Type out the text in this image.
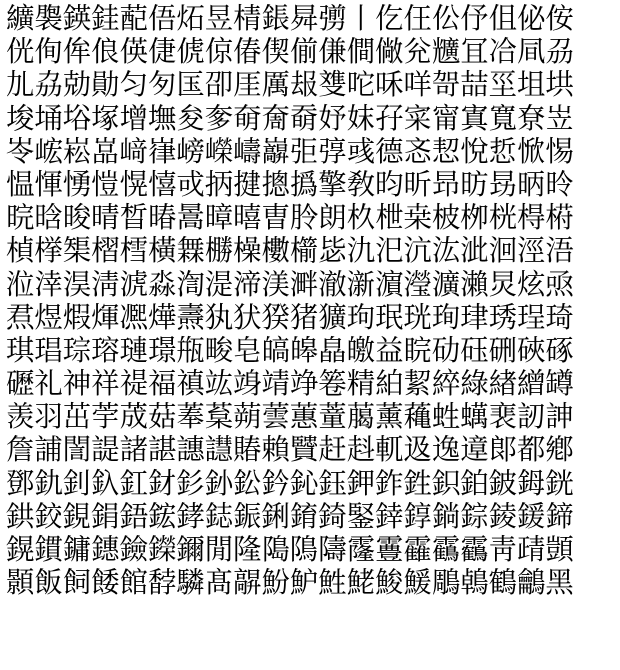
纊褜鍈銈蓜俉炻昱棈鋹曻彅丨仡仼伀伃伹佖侒
侊侚侔俍偀倢俿倞偆偰偂傔僴僘兊兤冝冾凬刕
劜劦勀勛匀匇匤卲厓厲叝﨎咜咊咩哿喆坙坥垬
埈埇﨏塚增墲夋奓奛奝奣妤妺孖寀甯寘寬尞岦
岺峵崧嵓﨑嵂嵭嶸嶹巐弡弴彧德忞恝悅悊惞惕
愠惲愑愷愰憘戓抦揵摠撝擎敎昀昕昻昉昮昞昤
晥晗晙晴晳暙暠暲暿曺朎朗杦枻桒柀栁桄棏﨓
楨﨔榘槢樰橫橆橳橾櫢櫤毖氿汜沆汯泚洄涇浯
涖涬淏淸淲淼渹湜渧渼溿澈澵濵瀅瀇瀨炅炫焏
焄煜煆煇凞燁燾犱犾猤猪獷玽珉珖珣珒琇珵琦
琪琩琮瑢璉璟甁畯皂皜皞皛皦益睆劯砡硎硤硺
礰礼神祥禔福禛竑竧靖竫箞精絈絜綷綠緖繒罇
羡羽茁荢荿菇菶葈蒴蕓蕙蕫﨟薰蘒﨡蠇裵訒訷
詹誧誾諟諸諶譓譿賰賴贒赶﨣軏﨤逸遧郞都鄕
鄧釚釗釞釭釮釤釥鈆鈐鈊鈺鉀鈼鉎鉙鉑鈹鉧銧
鉷鉸鋧鋗鋙鋐﨧鋕鋠鋓錥錡鋻﨨錞鋿錝錂鍰鍗
鎤鏆鏞鏸鐱鑅鑈閒隆﨩隝隯霳霻靃靍靏靑靕顗
顥飯飼餧館馞驎髙髜魵魲鮏鮱鮻鰀鵰鵫鶴鸙黑
